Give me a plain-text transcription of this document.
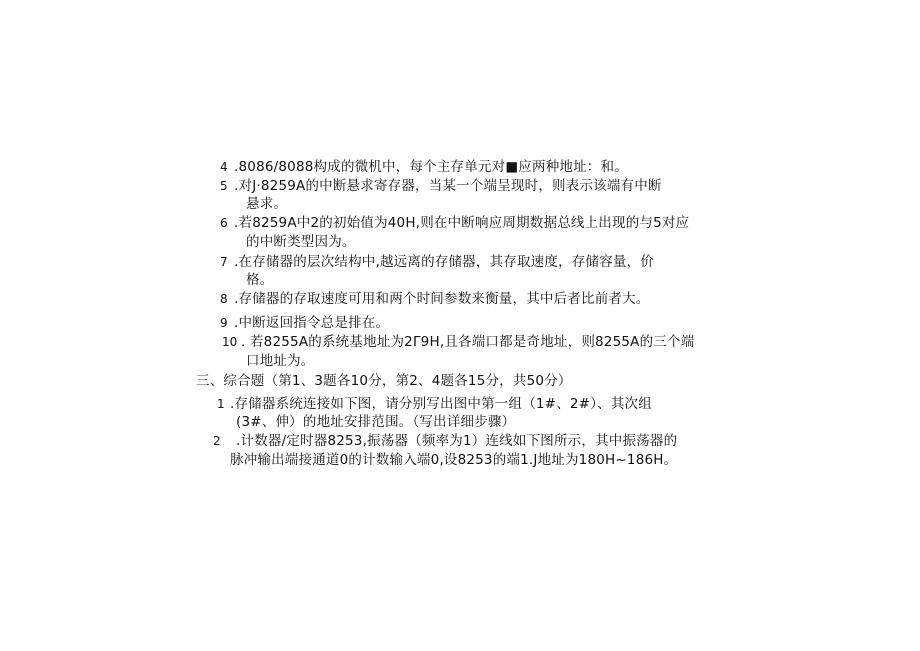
4 .8086/8088构成的微机中，每个主存单元对■应两种地址：和。
5 .对J·8259A的中断悬求寄存器，当某一个端呈现时，则表示该端有中断
悬求。
6 .若8259A中2的初始值为40H,则在中断响应周期数据总线上出现的与5对应
的中断类型因为。
7 .在存储器的层次结构中,越远离的存储器，其存取速度，存储容量，价
格。
8 .存储器的存取速度可用和两个时间参数来衡量，其中后者比前者大。
9 .中断返回指令总是排在。
10 . 若8255A的系统基地址为2Γ9H,且各端口都是奇地址，则8255A的三个端
口地址为。
三、综合题（第1、3题各10分，第2、4题各15分，共50分）
1 .存储器系统连接如下图，请分别写出图中第一组（1#、2#）、其次组
(3#、伸）的地址安排范围。（写出详细步骤）
2 .计数器/定时器8253,振荡器（频率为1）连线如下图所示，其中振荡器的
脉冲输出端接通道0的计数输入端0,设8253的端1.J地址为180H~186H。
